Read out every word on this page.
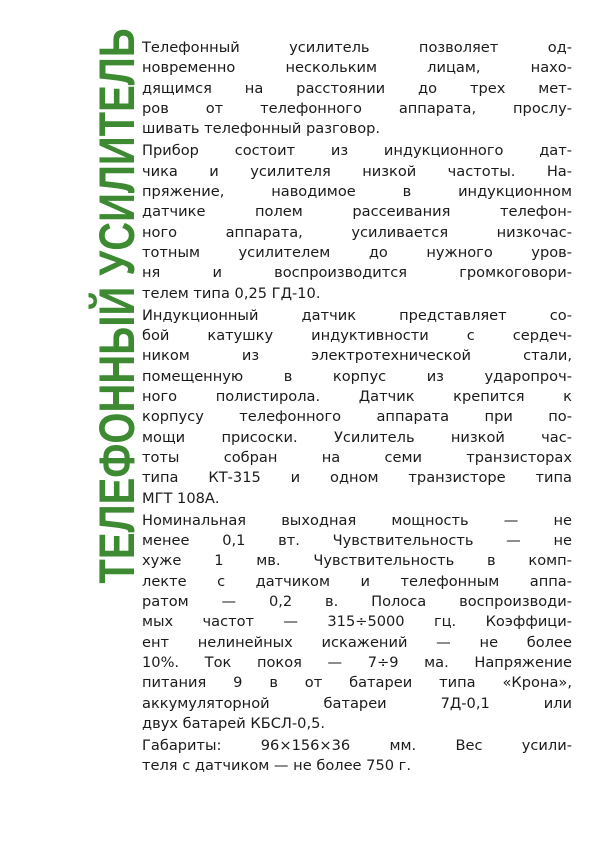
ТЕЛЕФОННЫЙ УСИЛИТЕЛЬ
Телефонный усилитель позволяет од-
новременно нескольким лицам, нахо-
дящимся на расстоянии до трех мет-
ров от телефонного аппарата, прослу-
шивать телефонный разговор.
Прибор состоит из индукционного дат-
чика и усилителя низкой частоты. На-
пряжение, наводимое в индукционном
датчике полем рассеивания телефон-
ного аппарата, усиливается низкочас-
тотным усилителем до нужного уров-
ня и воспроизводится громкоговори-
телем типа 0,25 ГД-10.
Индукционный датчик представляет со-
бой катушку индуктивности с сердеч-
ником из электротехнической стали,
помещенную в корпус из ударопроч-
ного полистирола. Датчик крепится к
корпусу телефонного аппарата при по-
мощи присоски. Усилитель низкой час-
тоты собран на семи транзисторах
типа КТ-315 и одном транзисторе типа
МГТ 108А.
Номинальная выходная мощность — не
менее 0,1 вт. Чувствительность — не
хуже 1 мв. Чувствительность в комп-
лекте с датчиком и телефонным аппа-
ратом — 0,2 в. Полоса воспроизводи-
мых частот — 315÷5000 гц. Коэффици-
ент нелинейных искажений — не более
10%. Ток покоя — 7÷9 ма. Напряжение
питания 9 в от батареи типа «Крона»,
аккумуляторной батареи 7Д-0,1 или
двух батарей КБСЛ-0,5.
Габариты: 96×156×36 мм. Вес усили-
теля с датчиком — не более 750 г.
